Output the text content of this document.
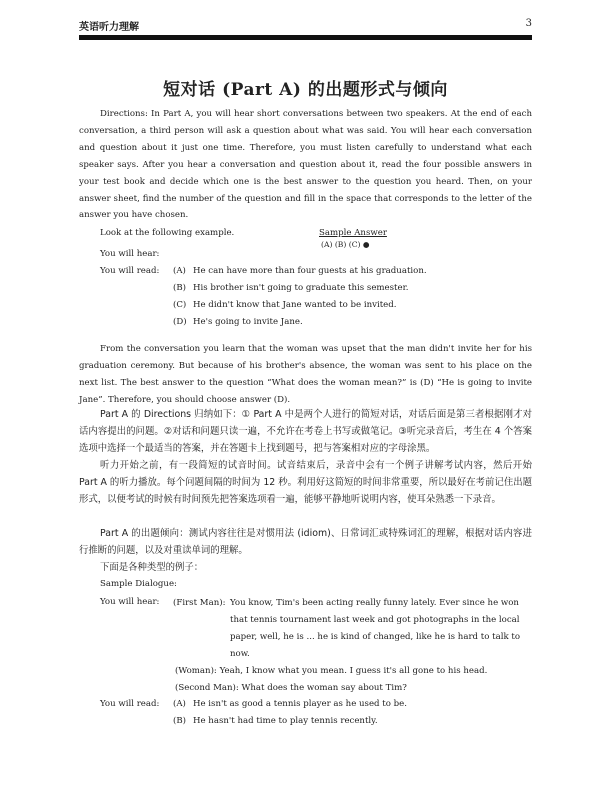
英语听力理解	3
短对话 (Part A) 的出题形式与倾向

Directions: In Part A, you will hear short conversations between two speakers. At the end of each conversation, a third person will ask a question about what was said. You will hear each conversation and question about it just one time. Therefore, you must listen carefully to understand what each speaker says. After you hear a conversation and question about it, read the four possible answers in your test book and decide which one is the best answer to the question you heard. Then, on your answer sheet, find the number of the question and fill in the space that corresponds to the letter of the answer you have chosen.

Look at the following example.	Sample Answer
(A) (B) (C) ●
You will hear:
You will read: (A) He can have more than four guests at his graduation.
(B) His brother isn't going to graduate this semester.
(C) He didn't know that Jane wanted to be invited.
(D) He's going to invite Jane.

From the conversation you learn that the woman was upset that the man didn't invite her for his graduation ceremony. But because of his brother's absence, the woman was sent to his place on the next list. The best answer to the question “What does the woman mean?” is (D) “He is going to invite Jane”. Therefore, you should choose answer (D).

Part A 的 Directions 归纳如下：① Part A 中是两个人进行的简短对话，对话后面是第三者根据刚才对话内容提出的问题。②对话和问题只读一遍，不允许在考卷上书写或做笔记。③听完录音后，考生在 4 个答案选项中选择一个最适当的答案，并在答题卡上找到题号，把与答案相对应的字母涂黑。

听力开始之前，有一段简短的试音时间。试音结束后，录音中会有一个例子讲解考试内容，然后开始 Part A 的听力播放。每个问题间隔的时间为 12 秒。利用好这简短的时间非常重要，所以最好在考前记住出题形式，以便考试的时候有时间预先把答案选项看一遍，能够平静地听说明内容，使耳朵熟悉一下录音。

Part A 的出题倾向：测试内容往往是对惯用法 (idiom)、日常词汇或特殊词汇的理解，根据对话内容进行推断的问题，以及对重读单词的理解。

下面是各种类型的例子：

Sample Dialogue:
You will hear: (First Man): You know, Tim's been acting really funny lately. Ever since he won
that tennis tournament last week and got photographs in the local
paper, well, he is ... he is kind of changed, like he is hard to talk to
now.
(Woman): Yeah, I know what you mean. I guess it's all gone to his head.
(Second Man): What does the woman say about Tim?
You will read: (A) He isn't as good a tennis player as he used to be.
(B) He hasn't had time to play tennis recently.
